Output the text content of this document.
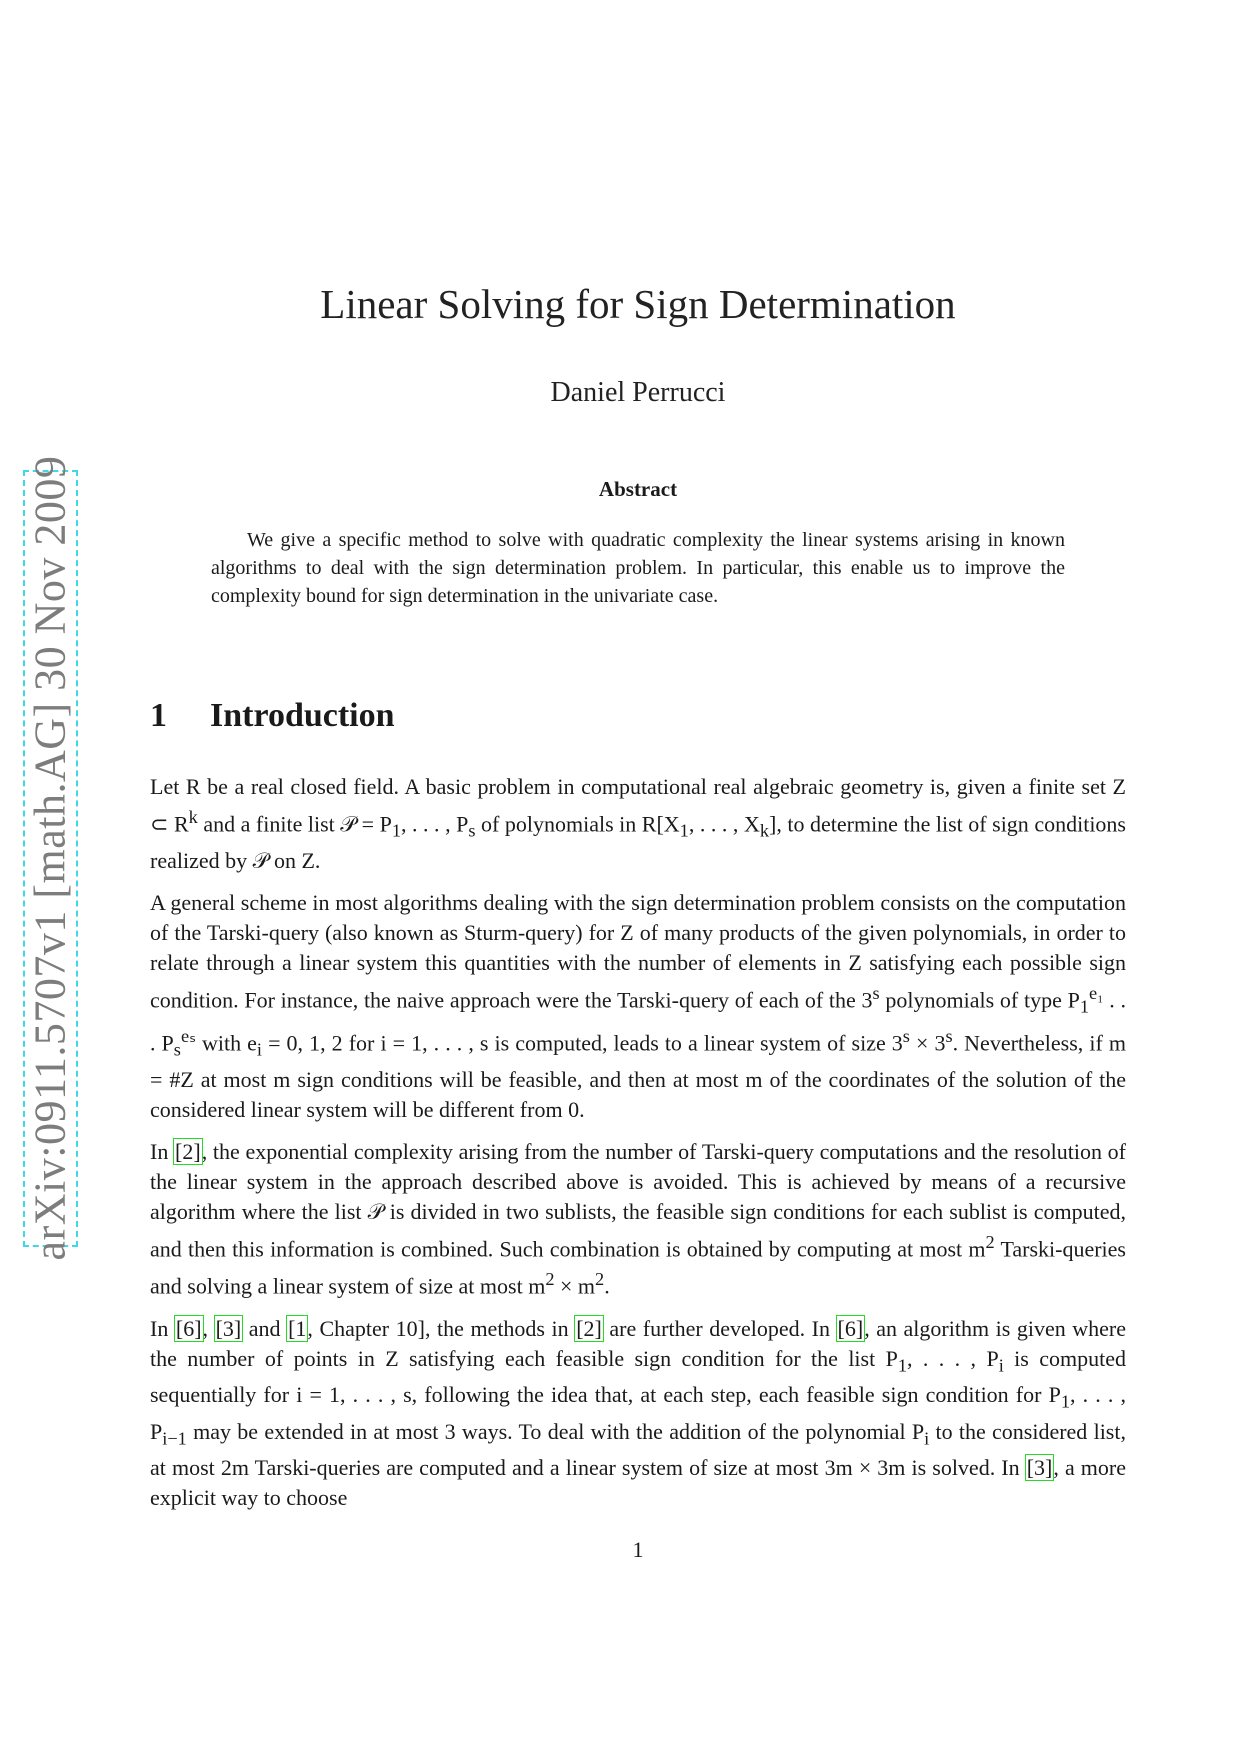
arXiv:0911.5707v1 [math.AG] 30 Nov 2009
Linear Solving for Sign Determination
Daniel Perrucci
Abstract

We give a specific method to solve with quadratic complexity the linear systems arising in known algorithms to deal with the sign determination problem. In particular, this enable us to improve the complexity bound for sign determination in the univariate case.

1 Introduction

Let R be a real closed field. A basic problem in computational real algebraic geometry is, given a finite set Z ⊂ $R^k$ and a finite list 𝒫 = $P_1$, . . . , $P_s$ of polynomials in $R[X_1$, . . . , $X_k$], to determine the list of sign conditions realized by 𝒫 on Z.

A general scheme in most algorithms dealing with the sign determination problem consists on the computation of the Tarski-query (also known as Sturm-query) for Z of many products of the given polynomials, in order to relate through a linear system this quantities with the number of elements in Z satisfying each possible sign condition. For instance, the naive approach were the Tarski-query of each of the 3$^s$ polynomials of type $P_1^{e_1}$ . . . $P_s^{e_s}$ with $e_i = 0$, 1, 2 for i = 1, . . . , s is computed, leads to a linear system of size $3^s \times 3^s$. Nevertheless, if m = #Z at most m sign conditions will be feasible, and then at most m of the coordinates of the solution of the considered linear system will be different from 0.

In [2], the exponential complexity arising from the number of Tarski-query computations and the resolution of the linear system in the approach described above is avoided. This is achieved by means of a recursive algorithm where the list 𝒫 is divided in two sublists, the feasible sign conditions for each sublist is computed, and then this information is combined. Such combination is obtained by computing at most $m^2$ Tarski-queries and solving a linear system of size at most $m^2 \times m^2$.

In [6], [3] and [1, Chapter 10], the methods in [2] are further developed. In [6], an algorithm is given where the number of points in Z satisfying each feasible sign condition for the list $P_1$, . . . , $P_i$ is computed sequentially for i = 1, . . . , s, following the idea that, at each step, each feasible sign condition for $P_1$, . . . , $P_{i-1}$ may be extended in at most 3 ways. To deal with the addition of the polynomial $P_i$ to the considered list, at most 2m Tarski-queries are computed and a linear system of size at most 3m × 3m is solved. In [3], a more explicit way to choose

1
